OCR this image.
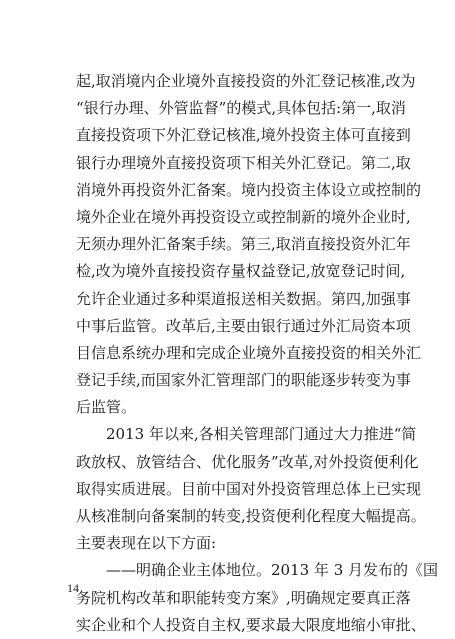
起,取消境内企业境外直接投资的外汇登记核准,改为
“银行办理、外管监督”的模式,具体包括:第一,取消
直接投资项下外汇登记核准,境外投资主体可直接到
银行办理境外直接投资项下相关外汇登记。第二,取
消境外再投资外汇备案。境内投资主体设立或控制的
境外企业在境外再投资设立或控制新的境外企业时,
无须办理外汇备案手续。第三,取消直接投资外汇年
检,改为境外直接投资存量权益登记,放宽登记时间,
允许企业通过多种渠道报送相关数据。第四,加强事
中事后监管。改革后,主要由银行通过外汇局资本项
目信息系统办理和完成企业境外直接投资的相关外汇
登记手续,而国家外汇管理部门的职能逐步转变为事
后监管。
2013 年以来,各相关管理部门通过大力推进“简
政放权、放管结合、优化服务”改革,对外投资便利化
取得实质进展。目前中国对外投资管理总体上已实现
从核准制向备案制的转变,投资便利化程度大幅提高。
主要表现在以下方面:
——明确企业主体地位。2013 年 3 月发布的《国
务院机构改革和职能转变方案》,明确规定要真正落
实企业和个人投资自主权,要求最大限度地缩小审批、
14
